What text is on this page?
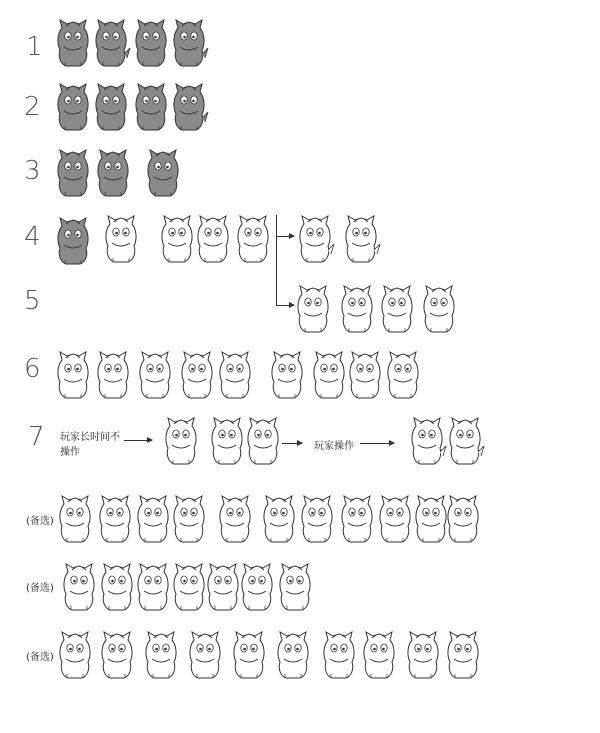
1
2
3
4
5
6
7 玩家长时间不
操作
玩家操作
(备选)
(备选)
(备选)
